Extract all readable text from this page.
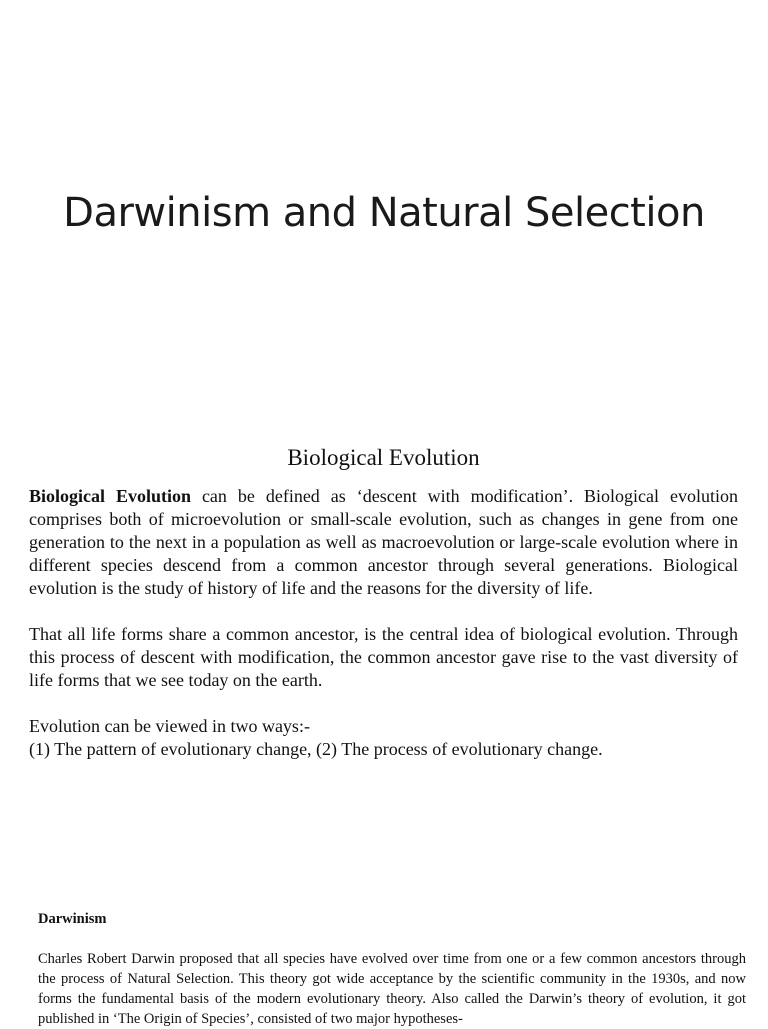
Darwinism and Natural Selection
Biological Evolution

Biological Evolution can be defined as ‘descent with modification’. Biological evolution comprises both of microevolution or small-scale evolution, such as changes in gene from one generation to the next in a population as well as macroevolution or large-scale evolution where in different species descend from a common ancestor through several generations. Biological evolution is the study of history of life and the reasons for the diversity of life.

That all life forms share a common ancestor, is the central idea of biological evolution. Through this process of descent with modification, the common ancestor gave rise to the vast diversity of life forms that we see today on the earth.

Evolution can be viewed in two ways:-
(1) The pattern of evolutionary change, (2) The process of evolutionary change.
Darwinism

Charles Robert Darwin proposed that all species have evolved over time from one or a few common ancestors through the process of Natural Selection. This theory got wide acceptance by the scientific community in the 1930s, and now forms the fundamental basis of the modern evolutionary theory. Also called the Darwin’s theory of evolution, it got published in ‘The Origin of Species’, consisted of two major hypotheses-
